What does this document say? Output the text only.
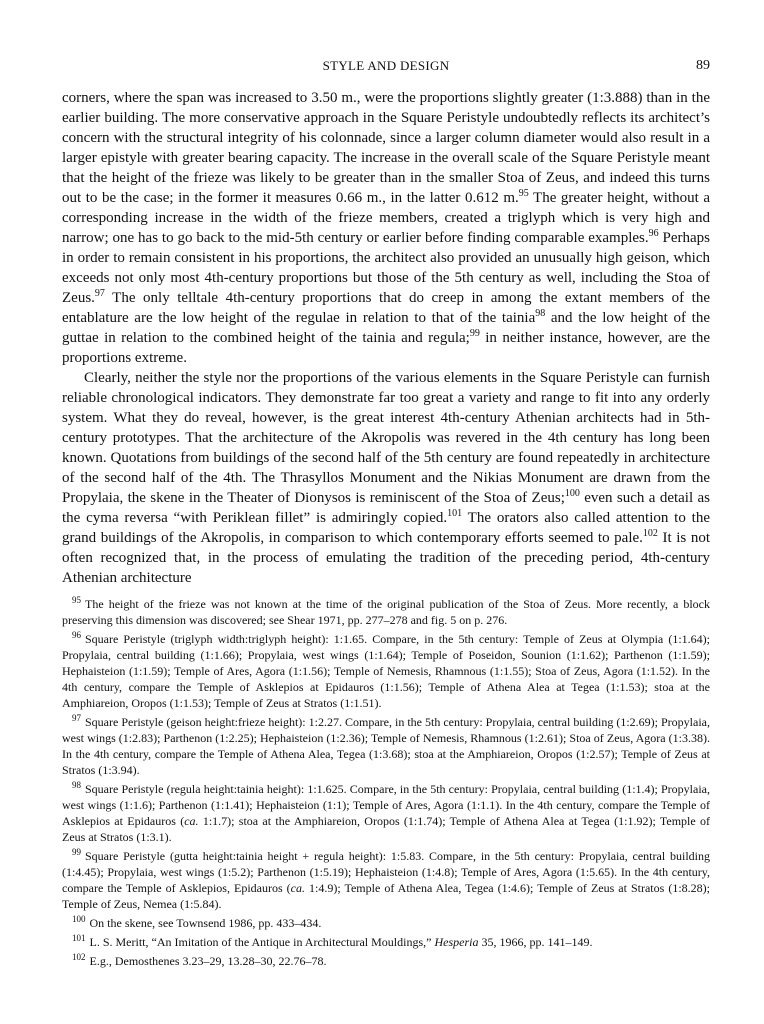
STYLE AND DESIGN	89

corners, where the span was increased to 3.50 m., were the proportions slightly greater (1:3.888) than in the earlier building. The more conservative approach in the Square Peristyle undoubtedly reflects its architect’s concern with the structural integrity of his colonnade, since a larger column diameter would also result in a larger epistyle with greater bearing capacity. The increase in the overall scale of the Square Peristyle meant that the height of the frieze was likely to be greater than in the smaller Stoa of Zeus, and indeed this turns out to be the case; in the former it measures 0.66 m., in the latter 0.612 m.$^{95}$ The greater height, without a corresponding increase in the width of the frieze members, created a triglyph which is very high and narrow; one has to go back to the mid-5th century or earlier before finding comparable examples.$^{96}$ Perhaps in order to remain consistent in his proportions, the architect also provided an unusually high geison, which exceeds not only most 4th-century proportions but those of the 5th century as well, including the Stoa of Zeus.$^{97}$ The only telltale 4th-century proportions that do creep in among the extant members of the entablature are the low height of the regulae in relation to that of the tainia$^{98}$ and the low height of the guttae in relation to the combined height of the tainia and regula;$^{99}$ in neither instance, however, are the proportions extreme.

Clearly, neither the style nor the proportions of the various elements in the Square Peristyle can furnish reliable chronological indicators. They demonstrate far too great a variety and range to fit into any orderly system. What they do reveal, however, is the great interest 4th-century Athenian architects had in 5th-century prototypes. That the architecture of the Akropolis was revered in the 4th century has long been known. Quotations from buildings of the second half of the 5th century are found repeatedly in architecture of the second half of the 4th. The Thrasyllos Monument and the Nikias Monument are drawn from the Propylaia, the skene in the Theater of Dionysos is reminiscent of the Stoa of Zeus;$^{100}$ even such a detail as the cyma reversa “with Periklean fillet” is admiringly copied.$^{101}$ The orators also called attention to the grand buildings of the Akropolis, in comparison to which contemporary efforts seemed to pale.$^{102}$ It is not often recognized that, in the process of emulating the tradition of the preceding period, 4th-century Athenian architecture

$^{95}$ The height of the frieze was not known at the time of the original publication of the Stoa of Zeus. More recently, a block preserving this dimension was discovered; see Shear 1971, pp. 277–278 and fig. 5 on p. 276.

$^{96}$ Square Peristyle (triglyph width:triglyph height): 1:1.65. Compare, in the 5th century: Temple of Zeus at Olympia (1:1.64); Propylaia, central building (1:1.66); Propylaia, west wings (1:1.64); Temple of Poseidon, Sounion (1:1.62); Parthenon (1:1.59); Hephaisteion (1:1.59); Temple of Ares, Agora (1:1.56); Temple of Nemesis, Rhamnous (1:1.55); Stoa of Zeus, Agora (1:1.52). In the 4th century, compare the Temple of Asklepios at Epidauros (1:1.56); Temple of Athena Alea at Tegea (1:1.53); stoa at the Amphiareion, Oropos (1:1.53); Temple of Zeus at Stratos (1:1.51).

$^{97}$ Square Peristyle (geison height:frieze height): 1:2.27. Compare, in the 5th century: Propylaia, central building (1:2.69); Propylaia, west wings (1:2.83); Parthenon (1:2.25); Hephaisteion (1:2.36); Temple of Nemesis, Rhamnous (1:2.61); Stoa of Zeus, Agora (1:3.38). In the 4th century, compare the Temple of Athena Alea, Tegea (1:3.68); stoa at the Amphiareion, Oropos (1:2.57); Temple of Zeus at Stratos (1:3.94).

$^{98}$ Square Peristyle (regula height:tainia height): 1:1.625. Compare, in the 5th century: Propylaia, central building (1:1.4); Propylaia, west wings (1:1.6); Parthenon (1:1.41); Hephaisteion (1:1); Temple of Ares, Agora (1:1.1). In the 4th century, compare the Temple of Asklepios at Epidauros (ca. 1:1.7); stoa at the Amphiareion, Oropos (1:1.74); Temple of Athena Alea at Tegea (1:1.92); Temple of Zeus at Stratos (1:3.1).

$^{99}$ Square Peristyle (gutta height:tainia height + regula height): 1:5.83. Compare, in the 5th century: Propylaia, central building (1:4.45); Propylaia, west wings (1:5.2); Parthenon (1:5.19); Hephaisteion (1:4.8); Temple of Ares, Agora (1:5.65). In the 4th century, compare the Temple of Asklepios, Epidauros (ca. 1:4.9); Temple of Athena Alea, Tegea (1:4.6); Temple of Zeus at Stratos (1:8.28); Temple of Zeus, Nemea (1:5.84).

$^{100}$ On the skene, see Townsend 1986, pp. 433–434.

$^{101}$ L. S. Meritt, “An Imitation of the Antique in Architectural Mouldings,” Hesperia 35, 1966, pp. 141–149.

$^{102}$ E.g., Demosthenes 3.23–29, 13.28–30, 22.76–78.
